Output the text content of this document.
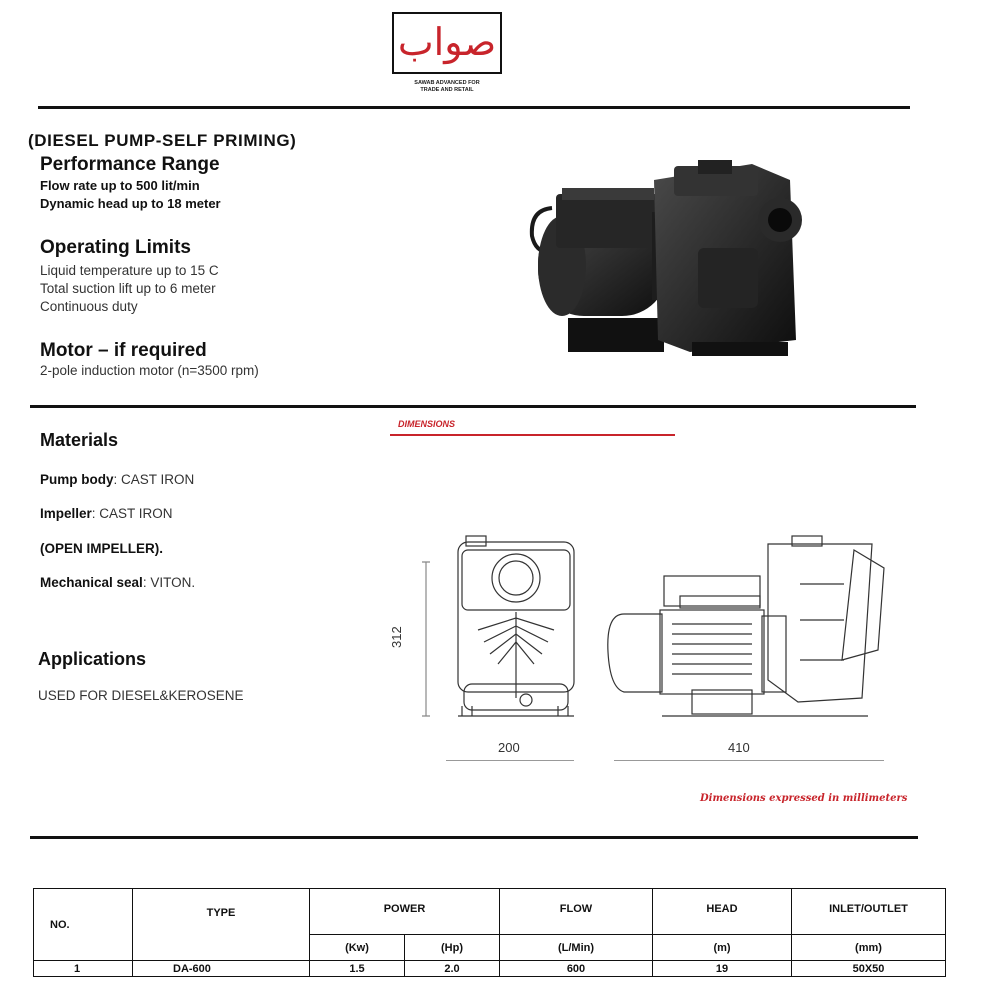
صواب
SAWAB ADVANCED FOR
TRADE AND RETAIL
(DIESEL PUMP-SELF PRIMING)
Performance Range
Flow rate up to 500 lit/min
Dynamic head up to 18 meter
Operating Limits
Liquid temperature up to 15 C
Total suction lift up to 6 meter
Continuous duty
Motor – if required
2-pole induction motor (n=3500 rpm)
Materials
Pump body: CAST IRON
Impeller: CAST IRON
(OPEN IMPELLER).
Mechanical seal: VITON.
Applications
USED FOR DIESEL&KEROSENE
DIMENSIONS
312
200	410
Dimensions expressed in millimeters
NO.	TYPE	POWER		FLOW	HEAD	INLET/OUTLET
		(Kw)	(Hp)	(L/Min)	(m)	(mm)
1	DA-600	1.5	2.0	600	19	50X50
